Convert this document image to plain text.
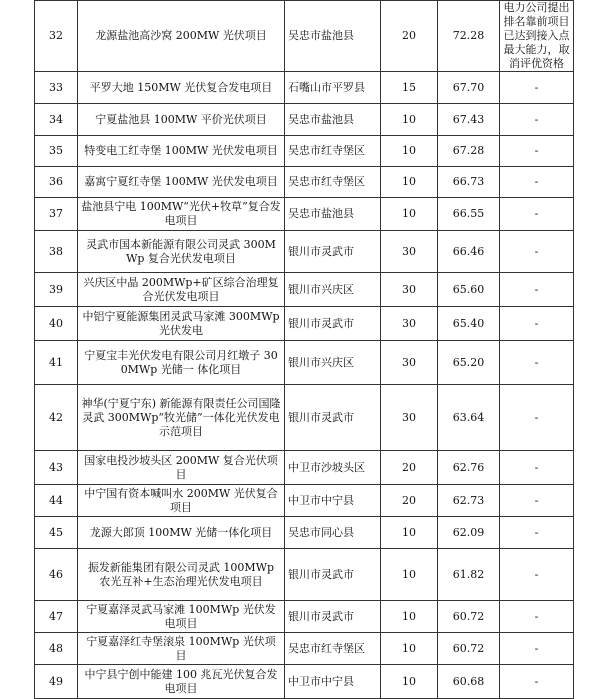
32	龙源盐池高沙窝 200MW 光伏项目	吴忠市盐池县	20	72.28	电力公司提出排名靠前项目已达到接入点最大能力，取消评优资格
33	平罗大地 150MW 光伏复合发电项目	石嘴山市平罗县	15	67.70	-
34	宁夏盐池县 100MW 平价光伏项目	吴忠市盐池县	10	67.43	-
35	特变电工红寺堡 100MW 光伏发电项目	吴忠市红寺堡区	10	67.28	-
36	嘉寓宁夏红寺堡 100MW 光伏发电项目	吴忠市红寺堡区	10	66.73	-
37	盐池县宁电 100MW“光伏+牧草”复合发电项目	吴忠市盐池县	10	66.55	-
38	灵武市国本新能源有限公司灵武 300MWp 复合光伏发电项目	银川市灵武市	30	66.46	-
39	兴庆区中晶 200MWp+矿区综合治理复合光伏发电项目	银川市兴庆区	30	65.60	-
40	中铝宁夏能源集团灵武马家滩 300MWp 光伏发电	银川市灵武市	30	65.40	-
41	宁夏宝丰光伏发电有限公司月红墩子 300MWp 光储一 体化项目	银川市兴庆区	30	65.20	-
42	神华(宁夏宁东) 新能源有限责任公司国隆灵武 300MWp“牧光储”一体化光伏发电示范项目	银川市灵武市	30	63.64	-
43	国家电投沙坡头区 200MW 复合光伏项目	中卫市沙坡头区	20	62.76	-
44	中宁国有资本喊叫水 200MW 光伏复合项目	中卫市中宁县	20	62.73	-
45	龙源大郎顶 100MW 光储一体化项目	吴忠市同心县	10	62.09	-
46	振发新能集团有限公司灵武 100MWp 农光互补+生态治理光伏发电项目	银川市灵武市	10	61.82	-
47	宁夏嘉泽灵武马家滩 100MWp 光伏发电项目	银川市灵武市	10	60.72	-
48	宁夏嘉泽红寺堡滚泉 100MWp 光伏项目	吴忠市红寺堡区	10	60.72	-
49	中宁县宁创中能建 100 兆瓦光伏复合发电项目	中卫市中宁县	10	60.68	-
